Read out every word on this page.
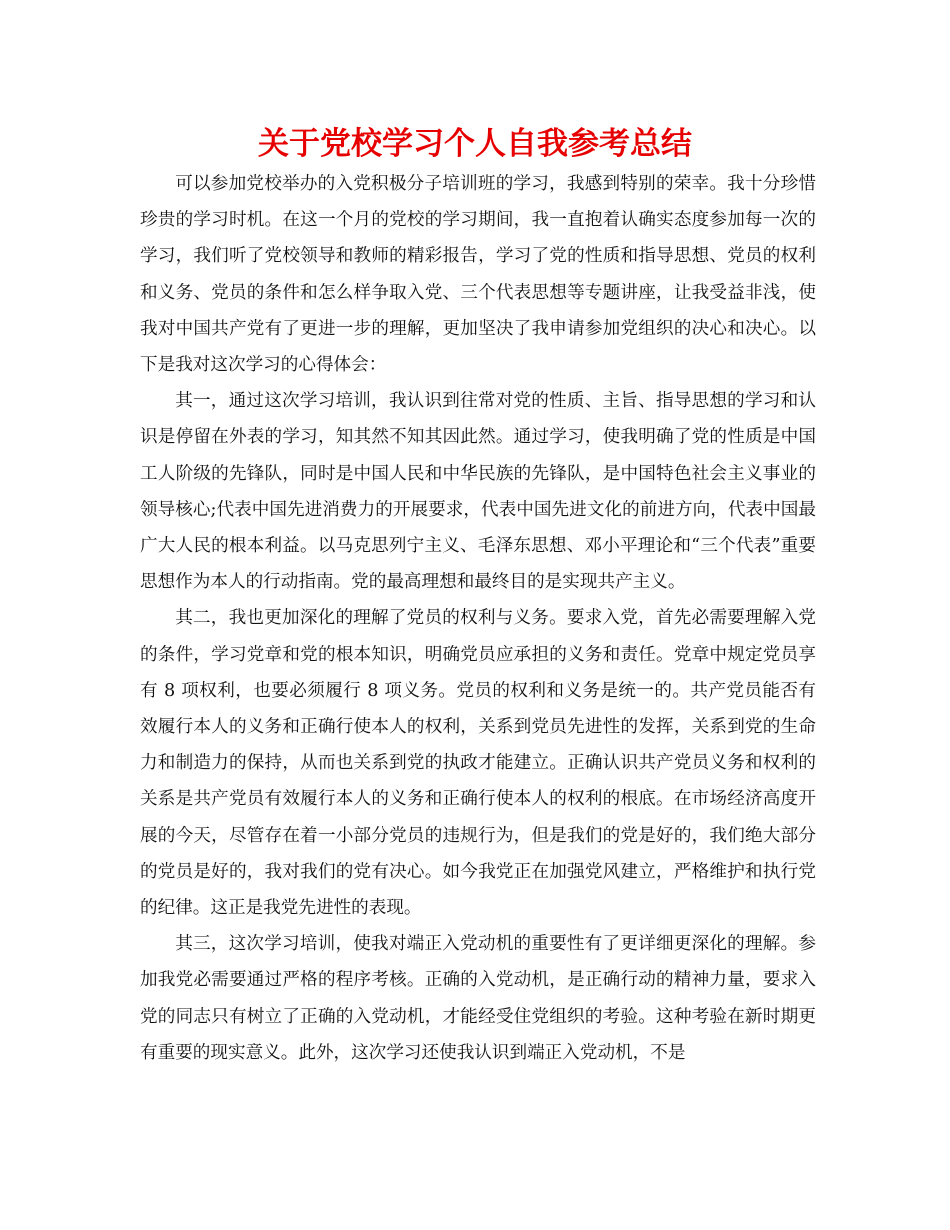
关于党校学习个人自我参考总结

可以参加党校举办的入党积极分子培训班的学习，我感到特别的荣幸。我十分珍惜珍贵的学习时机。在这一个月的党校的学习期间，我一直抱着认确实态度参加每一次的学习，我们听了党校领导和教师的精彩报告，学习了党的性质和指导思想、党员的权利和义务、党员的条件和怎么样争取入党、三个代表思想等专题讲座，让我受益非浅，使我对中国共产党有了更进一步的理解，更加坚决了我申请参加党组织的决心和决心。以下是我对这次学习的心得体会：

其一，通过这次学习培训，我认识到往常对党的性质、主旨、指导思想的学习和认识是停留在外表的学习，知其然不知其因此然。通过学习，使我明确了党的性质是中国工人阶级的先锋队，同时是中国人民和中华民族的先锋队，是中国特色社会主义事业的领导核心;代表中国先进消费力的开展要求，代表中国先进文化的前进方向，代表中国最广大人民的根本利益。以马克思列宁主义、毛泽东思想、邓小平理论和“三个代表”重要思想作为本人的行动指南。党的最高理想和最终目的是实现共产主义。

其二，我也更加深化的理解了党员的权利与义务。要求入党，首先必需要理解入党的条件，学习党章和党的根本知识，明确党员应承担的义务和责任。党章中规定党员享有 8 项权利，也要必须履行 8 项义务。党员的权利和义务是统一的。共产党员能否有效履行本人的义务和正确行使本人的权利，关系到党员先进性的发挥，关系到党的生命力和制造力的保持，从而也关系到党的执政才能建立。正确认识共产党员义务和权利的关系是共产党员有效履行本人的义务和正确行使本人的权利的根底。在市场经济高度开展的今天，尽管存在着一小部分党员的违规行为，但是我们的党是好的，我们绝大部分的党员是好的，我对我们的党有决心。如今我党正在加强党风建立，严格维护和执行党的纪律。这正是我党先进性的表现。

其三，这次学习培训，使我对端正入党动机的重要性有了更详细更深化的理解。参加我党必需要通过严格的程序考核。正确的入党动机，是正确行动的精神力量，要求入党的同志只有树立了正确的入党动机，才能经受住党组织的考验。这种考验在新时期更有重要的现实意义。此外，这次学习还使我认识到端正入党动机，不是
